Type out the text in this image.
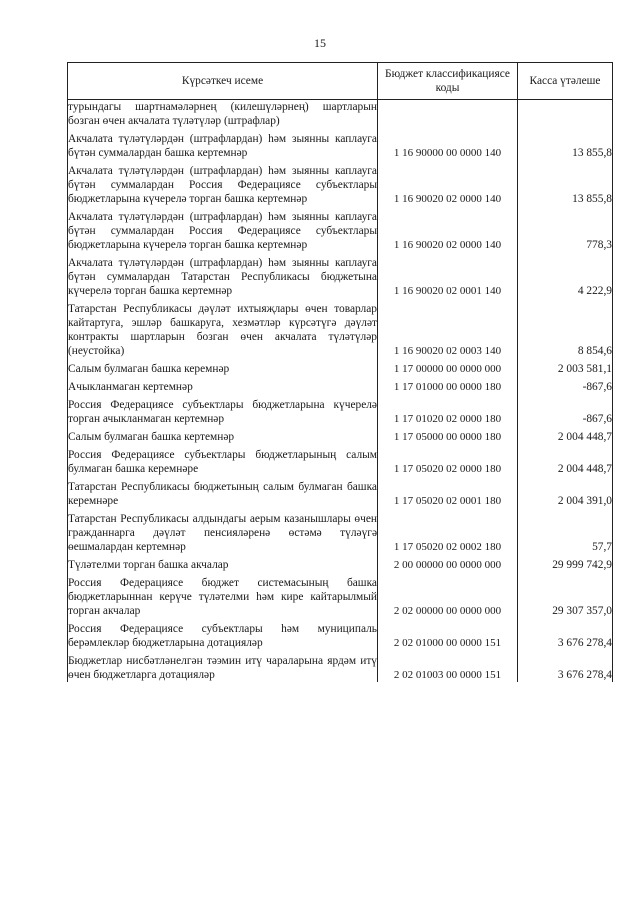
15
Күрсәткеч исеме	Бюджет классификациясе коды	Касса үтәлеше
турындагы шартнамәләрнең (килешүләрнең) шартларын бозган өчен акчалата түләтүләр (штрафлар)		
Акчалата түләтүләрдән (штрафлардан) һәм зыянны каплауга бүтән суммалардан башка кертемнәр	1 16 90000 00 0000 140	13 855,8
Акчалата түләтүләрдән (штрафлардан) һәм зыянны каплауга бүтән суммалардан Россия Федерациясе субъектлары бюджетларына күчерелә торган башка кертемнәр	1 16 90020 02 0000 140	13 855,8
Акчалата түләтүләрдән (штрафлардан) һәм зыянны каплауга бүтән суммалардан Россия Федерациясе субъектлары бюджетларына күчерелә торган башка кертемнәр	1 16 90020 02 0000 140	778,3
Акчалата түләтүләрдән (штрафлардан) һәм зыянны каплауга бүтән суммалардан Татарстан Республикасы бюджетына күчерелә торган башка кертемнәр	1 16 90020 02 0001 140	4 222,9
Татарстан Республикасы дәүләт ихтыяҗлары өчен товарлар кайтартуга, эшләр башкаруга, хезмәтләр күрсәтүгә дәүләт контракты шартларын бозган өчен акчалата түләтүләр (неустойка)	1 16 90020 02 0003 140	8 854,6
Салым булмаган башка керемнәр	1 17 00000 00 0000 000	2 003 581,1
Ачыкланмаган кертемнәр	1 17 01000 00 0000 180	-867,6
Россия Федерациясе субъектлары бюджетларына күчерелә торган ачыкланмаган кертемнәр	1 17 01020 02 0000 180	-867,6
Салым булмаган башка кертемнәр	1 17 05000 00 0000 180	2 004 448,7
Россия Федерациясе субъектлары бюджетларының салым булмаган башка керемнәре	1 17 05020 02 0000 180	2 004 448,7
Татарстан Республикасы бюджетының салым булмаган башка керемнәре	1 17 05020 02 0001 180	2 004 391,0
Татарстан Республикасы алдындагы аерым казанышлары өчен гражданнарга дәүләт пенсияләренә өстәмә түләүгә өешмалардан кертемнәр	1 17 05020 02 0002 180	57,7
Түләтелми торган башка акчалар	2 00 00000 00 0000 000	29 999 742,9
Россия Федерациясе бюджет системасының башка бюджетларыннан керүче түләтелми һәм кире кайтарылмый торган акчалар	2 02 00000 00 0000 000	29 307 357,0
Россия Федерациясе субъектлары һәм муниципаль берәмлекләр бюджетларына дотацияләр	2 02 01000 00 0000 151	3 676 278,4
Бюджетлар нисбәтләнелгән тәэмин итү чараларына ярдәм итү өчен бюджетларга дотацияләр	2 02 01003 00 0000 151	3 676 278,4
